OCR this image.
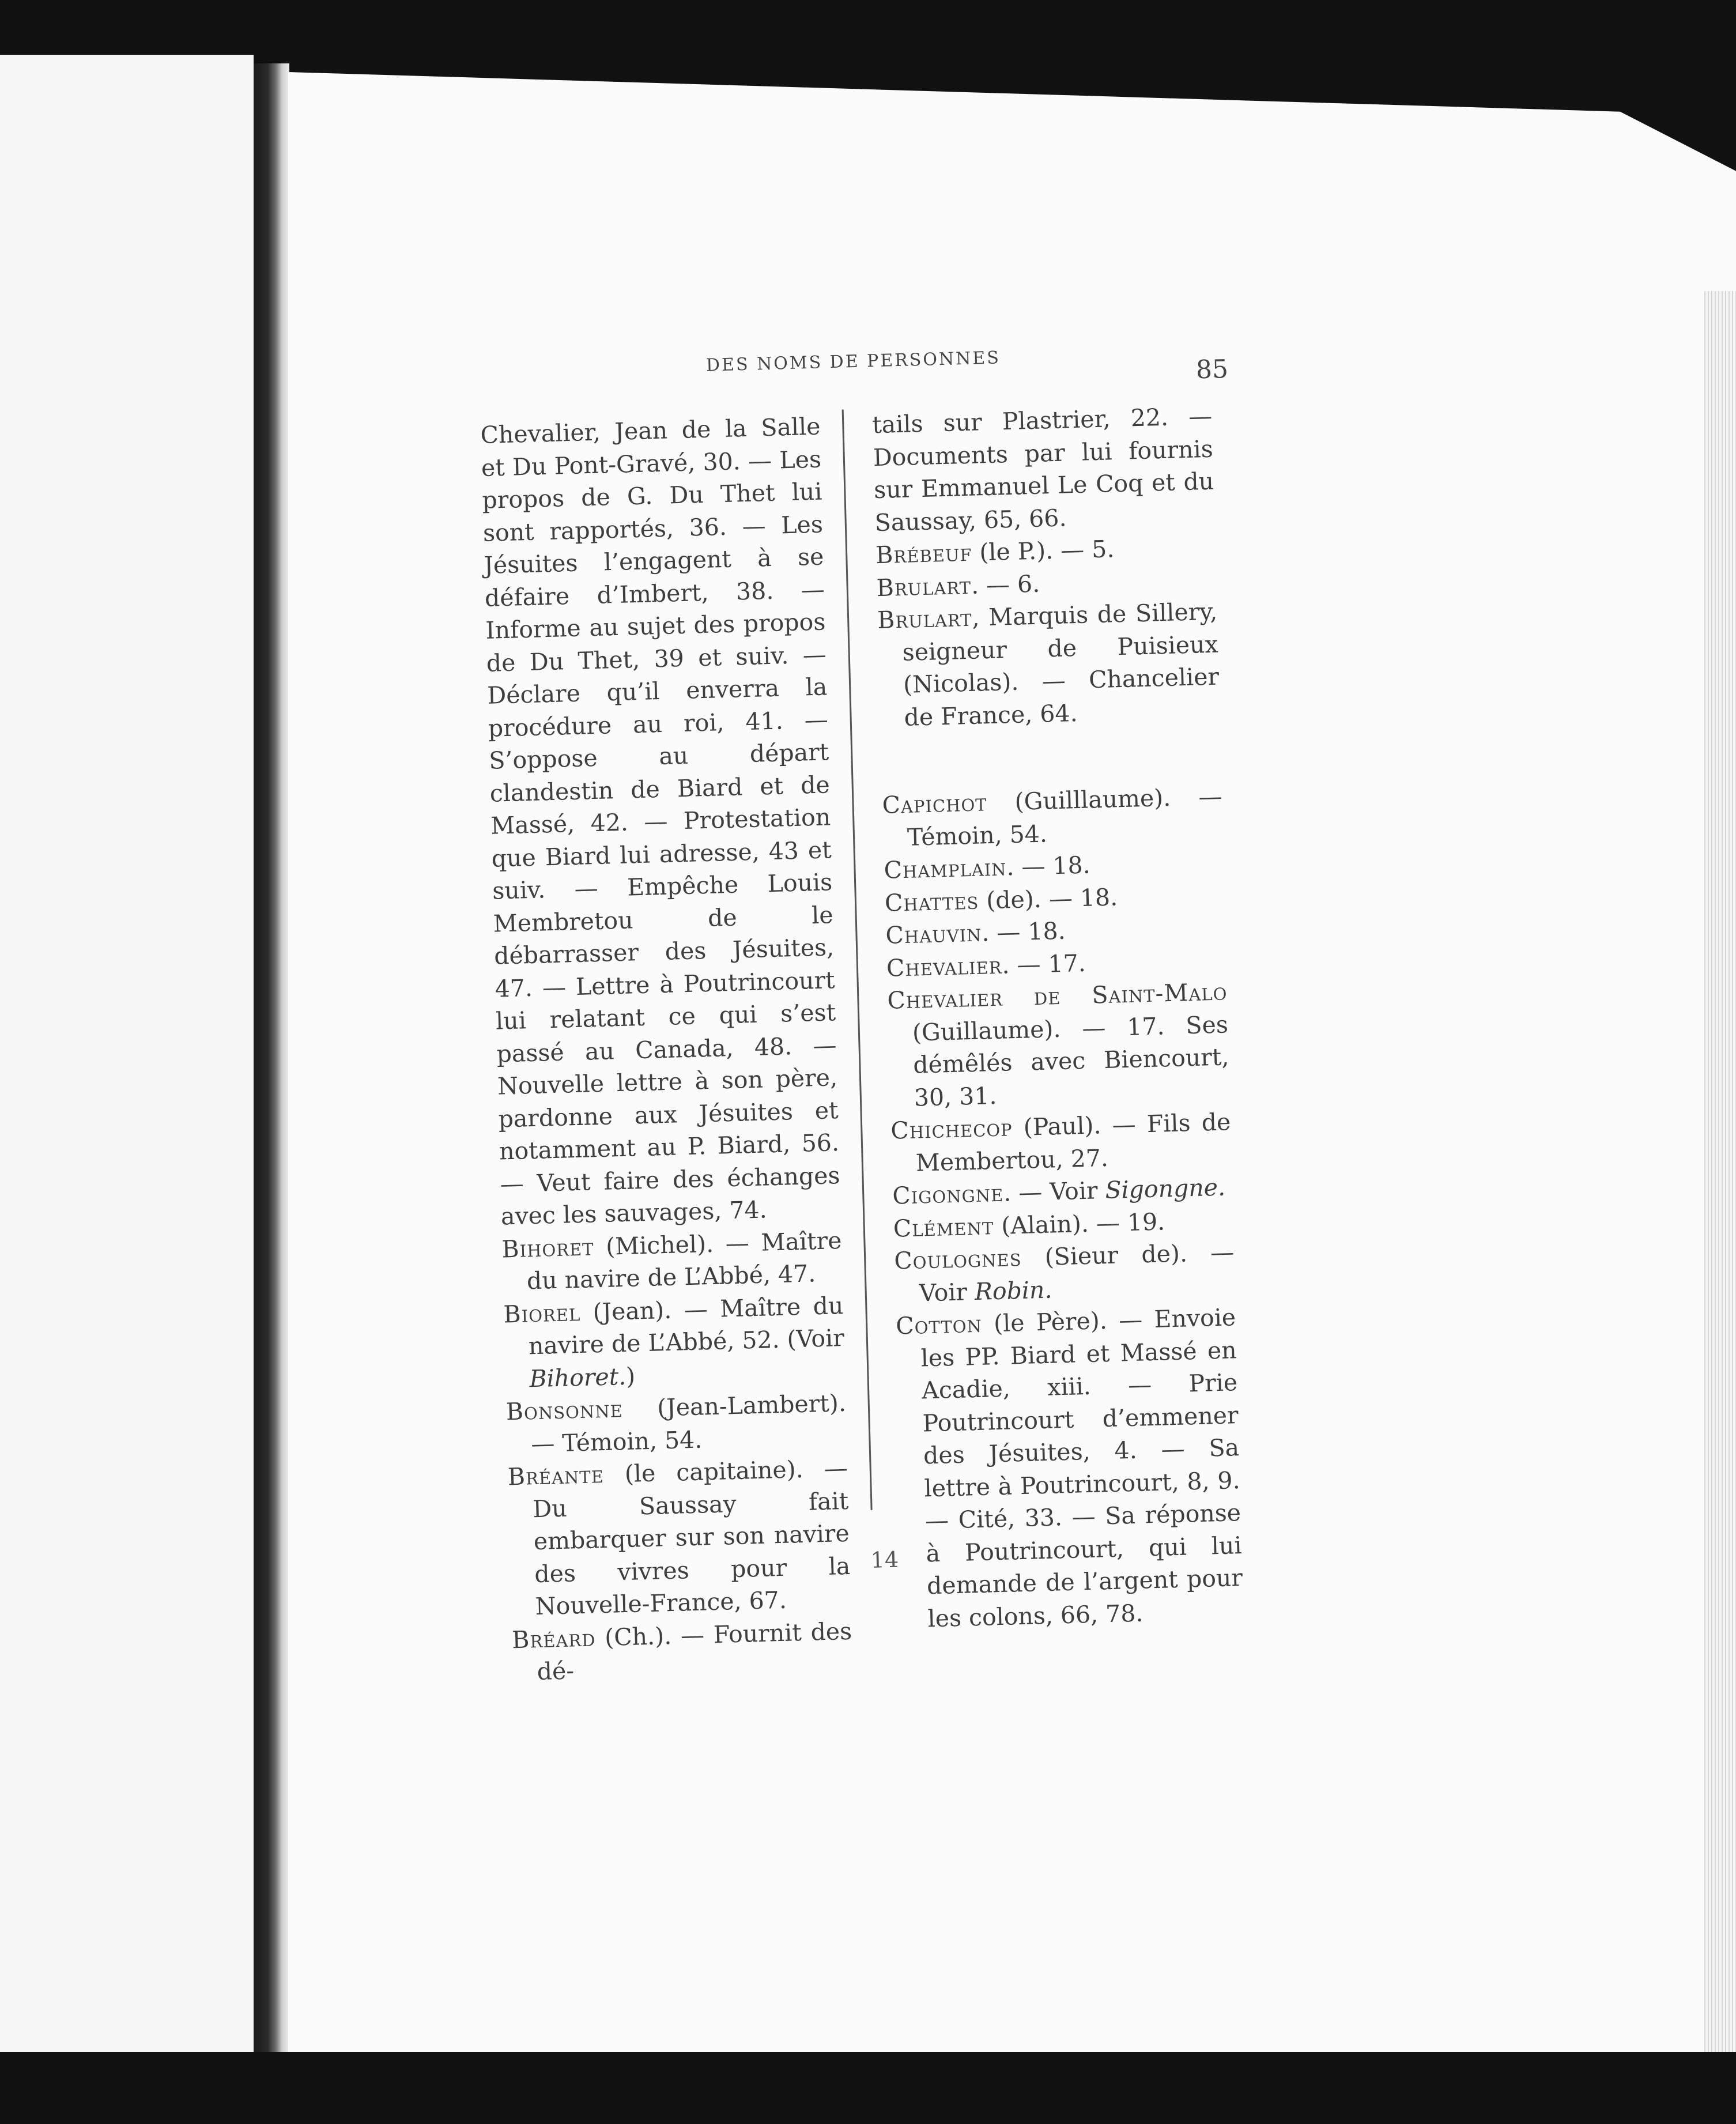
DES NOMS DE PERSONNES	85

Chevalier, Jean de la Salle et Du Pont-Gravé, 30. — Les propos de G. Du Thet lui sont rapportés, 36. — Les Jésuites l’engagent à se défaire d’Imbert, 38. — Informe au sujet des propos de Du Thet, 39 et suiv. — Déclare qu’il enverra la procédure au roi, 41. — S’oppose au départ clandestin de Biard et de Massé, 42. — Protestation que Biard lui adresse, 43 et suiv. — Empêche Louis Membretou de le débarrasser des Jésuites, 47. — Lettre à Poutrincourt lui relatant ce qui s’est passé au Canada, 48. — Nouvelle lettre à son père, pardonne aux Jésuites et notamment au P. Biard, 56. — Veut faire des échanges avec les sauvages, 74.

Bihoret (Michel). — Maître du navire de L’Abbé, 47.

Biorel (Jean). — Maître du navire de L’Abbé, 52. (Voir Bihoret.)

Bonsonne (Jean-Lambert). — Témoin, 54.

Bréante (le capitaine). — Du Saussay fait embarquer sur son navire des vivres pour la Nouvelle-France, 67.

Bréard (Ch.). — Fournit des dé-

tails sur Plastrier, 22. — Documents par lui fournis sur Emmanuel Le Coq et du Saussay, 65, 66.

Brébeuf (le P.). — 5.

Brulart. — 6.

Brulart, Marquis de Sillery, seigneur de Puisieux (Nicolas). — Chancelier de France, 64.

Capichot (Guilllaume). — Témoin, 54.

Champlain. — 18.

Chattes (de). — 18.

Chauvin. — 18.

Chevalier. — 17.

Chevalier de Saint-Malo (Guillaume). — 17. Ses démêlés avec Biencourt, 30, 31.

Chichecop (Paul). — Fils de Membertou, 27.

Cigongne. — Voir Sigongne.

Clément (Alain). — 19.

Coulognes (Sieur de). — Voir Robin.

Cotton (le Père). — Envoie les PP. Biard et Massé en Acadie, xiii. — Prie Poutrincourt d’emmener des Jésuites, 4. — Sa lettre à Poutrincourt, 8, 9. — Cité, 33. — Sa réponse à Poutrincourt, qui lui demande de l’argent pour les colons, 66, 78.

14
